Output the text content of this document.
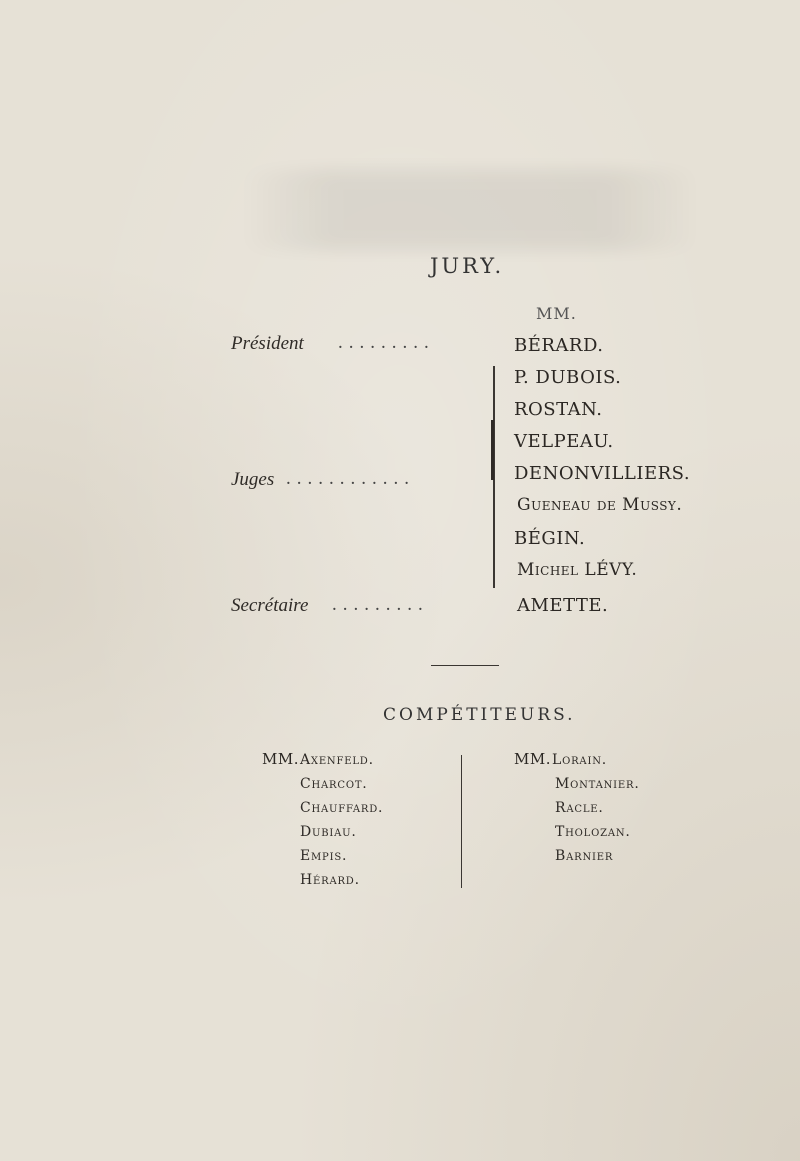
JURY.
MM.
Président .........	BÉRARD.
Juges ............
P. DUBOIS.
ROSTAN.
VELPEAU.
DENONVILLIERS.
Gueneau de Mussy.
BÉGIN.
Michel LÉVY.
Secrétaire .........	AMETTE.
COMPÉTITEURS.
MM. Axenfeld.
Charcot.
Chauffard.
Dubiau.
Empis.
Hérard.
MM. Lorain.
Montanier.
Racle.
Tholozan.
Barnier
